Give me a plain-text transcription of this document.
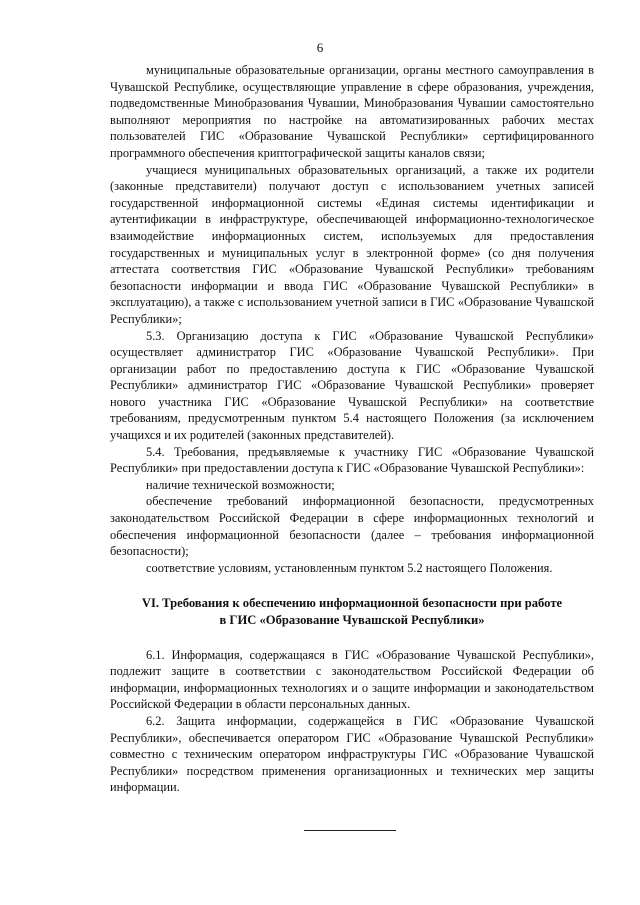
6

муниципальные образовательные организации, органы местного самоуправления в Чувашской Республике, осуществляющие управление в сфере образования, учреждения, подведомственные Минобразования Чувашии, Минобразования Чувашии самостоятельно выполняют мероприятия по настройке на автоматизированных рабочих местах пользователей ГИС «Образование Чувашской Республики» сертифицированного программного обеспечения криптографической защиты каналов связи;

учащиеся муниципальных образовательных организаций, а также их родители (законные представители) получают доступ с использованием учетных записей государственной информационной системы «Единая системы идентификации и аутентификации в инфраструктуре, обеспечивающей информационно-технологическое взаимодействие информационных систем, используемых для предоставления государственных и муниципальных услуг в электронной форме» (со дня получения аттестата соответствия ГИС «Образование Чувашской Республики» требованиям безопасности информации и ввода ГИС «Образование Чувашской Республики» в эксплуатацию), а также с использованием учетной записи в ГИС «Образование Чувашской Республики»;

5.3. Организацию доступа к ГИС «Образование Чувашской Республики» осуществляет администратор ГИС «Образование Чувашской Республики». При организации работ по предоставлению доступа к ГИС «Образование Чувашской Республики» администратор ГИС «Образование Чувашской Республики» проверяет нового участника ГИС «Образование Чувашской Республики» на соответствие требованиям, предусмотренным пунктом 5.4 настоящего Положения (за исключением учащихся и их родителей (законных представителей).

5.4. Требования, предъявляемые к участнику ГИС «Образование Чувашской Республики» при предоставлении доступа к ГИС «Образование Чувашской Республики»:

наличие технической возможности;

обеспечение требований информационной безопасности, предусмотренных законодательством Российской Федерации в сфере информационных технологий и обеспечения информационной безопасности (далее – требования информационной безопасности);

соответствие условиям, установленным пунктом 5.2 настоящего Положения.

VI. Требования к обеспечению информационной безопасности при работе
в ГИС «Образование Чувашской Республики»

6.1. Информация, содержащаяся в ГИС «Образование Чувашской Республики», подлежит защите в соответствии с законодательством Российской Федерации об информации, информационных технологиях и о защите информации и законодательством Российской Федерации в области персональных данных.

6.2. Защита информации, содержащейся в ГИС «Образование Чувашской Республики», обеспечивается оператором ГИС «Образование Чувашской Республики» совместно с техническим оператором инфраструктуры ГИС «Образование Чувашской Республики» посредством применения организационных и технических мер защиты информации.
